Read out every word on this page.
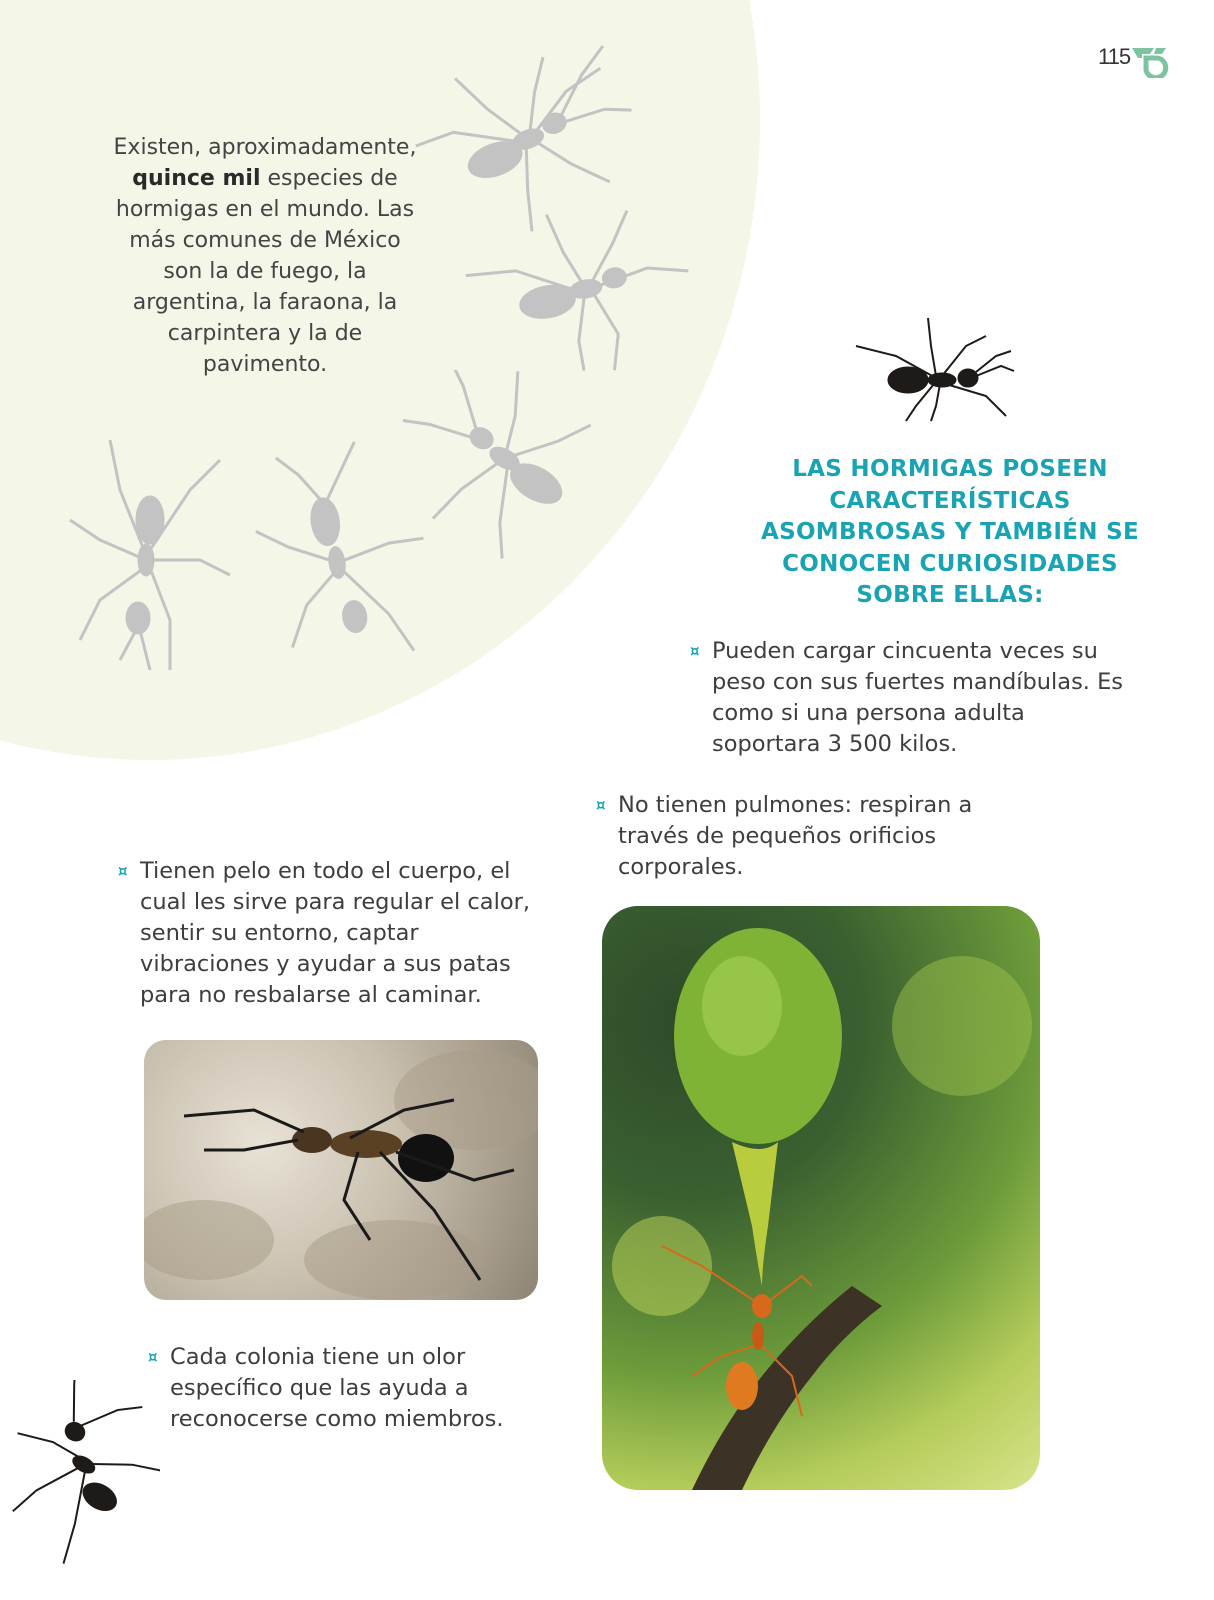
115
Existen, aproximadamente, quince mil especies de hormigas en el mundo. Las más comunes de México son la de fuego, la argentina, la faraona, la carpintera y la de pavimento.
LAS HORMIGAS POSEEN CARACTERÍSTICAS ASOMBROSAS Y TAMBIÉN SE CONOCEN CURIOSIDADES SOBRE ELLAS:
¤ Pueden cargar cincuenta veces su peso con sus fuertes mandíbulas. Es como si una persona adulta soportara 3 500 kilos.
¤ No tienen pulmones: respiran a través de pequeños orificios corporales.
¤ Tienen pelo en todo el cuerpo, el cual les sirve para regular el calor, sentir su entorno, captar vibraciones y ayudar a sus patas para no resbalarse al caminar.
¤ Cada colonia tiene un olor específico que las ayuda a reconocerse como miembros.
